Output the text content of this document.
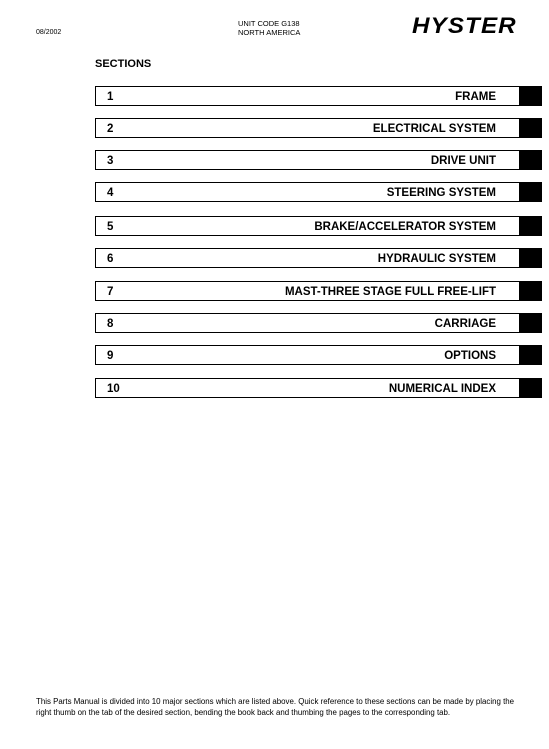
08/2002
UNIT CODE G138
NORTH AMERICA	HYSTER
SECTIONS
1	FRAME
2	ELECTRICAL SYSTEM
3	DRIVE UNIT
4	STEERING SYSTEM
5	BRAKE/ACCELERATOR SYSTEM
6	HYDRAULIC SYSTEM
7	MAST-THREE STAGE FULL FREE-LIFT
8	CARRIAGE
9	OPTIONS
10	NUMERICAL INDEX
This Parts Manual is divided into 10 major sections which are listed above. Quick reference to these sections can be made by placing the right thumb on the tab of the desired section, bending the book back and thumbing the pages to the corresponding tab.
